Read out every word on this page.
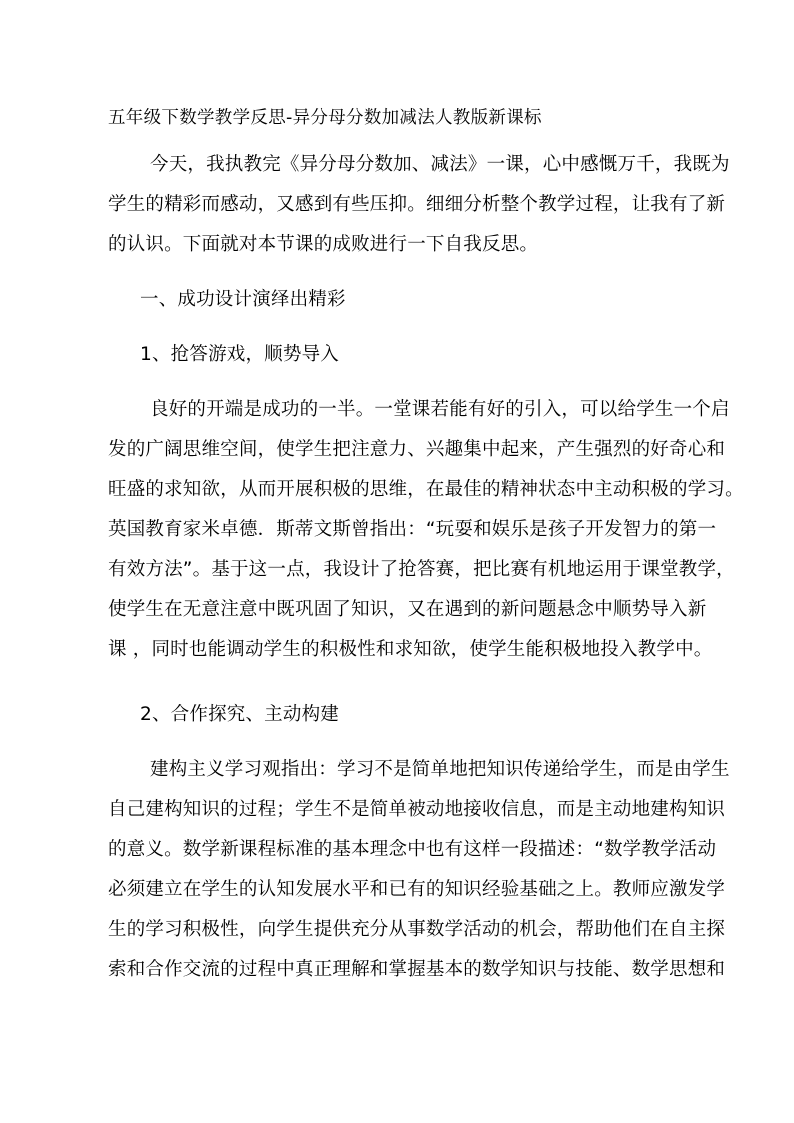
五年级下数学教学反思-异分母分数加减法人教版新课标
今天，我执教完《异分母分数加、减法》一课，心中感慨万千，我既为
学生的精彩而感动，又感到有些压抑。细细分析整个教学过程，让我有了新
的认识。下面就对本节课的成败进行一下自我反思。
一、成功设计演绎出精彩
1、抢答游戏，顺势导入
良好的开端是成功的一半。一堂课若能有好的引入，可以给学生一个启
发的广阔思维空间，使学生把注意力、兴趣集中起来，产生强烈的好奇心和
旺盛的求知欲，从而开展积极的思维，在最佳的精神状态中主动积极的学习。
英国教育家米卓德．斯蒂文斯曾指出：“玩耍和娱乐是孩子开发智力的第一
有效方法”。基于这一点，我设计了抢答赛，把比赛有机地运用于课堂教学，
使学生在无意注意中既巩固了知识，又在遇到的新问题悬念中顺势导入新
课 ，同时也能调动学生的积极性和求知欲，使学生能积极地投入教学中。
2、合作探究、主动构建
建构主义学习观指出：学习不是简单地把知识传递给学生，而是由学生
自己建构知识的过程；学生不是简单被动地接收信息，而是主动地建构知识
的意义。数学新课程标准的基本理念中也有这样一段描述：“数学教学活动
必须建立在学生的认知发展水平和已有的知识经验基础之上。教师应激发学
生的学习积极性，向学生提供充分从事数学活动的机会，帮助他们在自主探
索和合作交流的过程中真正理解和掌握基本的数学知识与技能、数学思想和
